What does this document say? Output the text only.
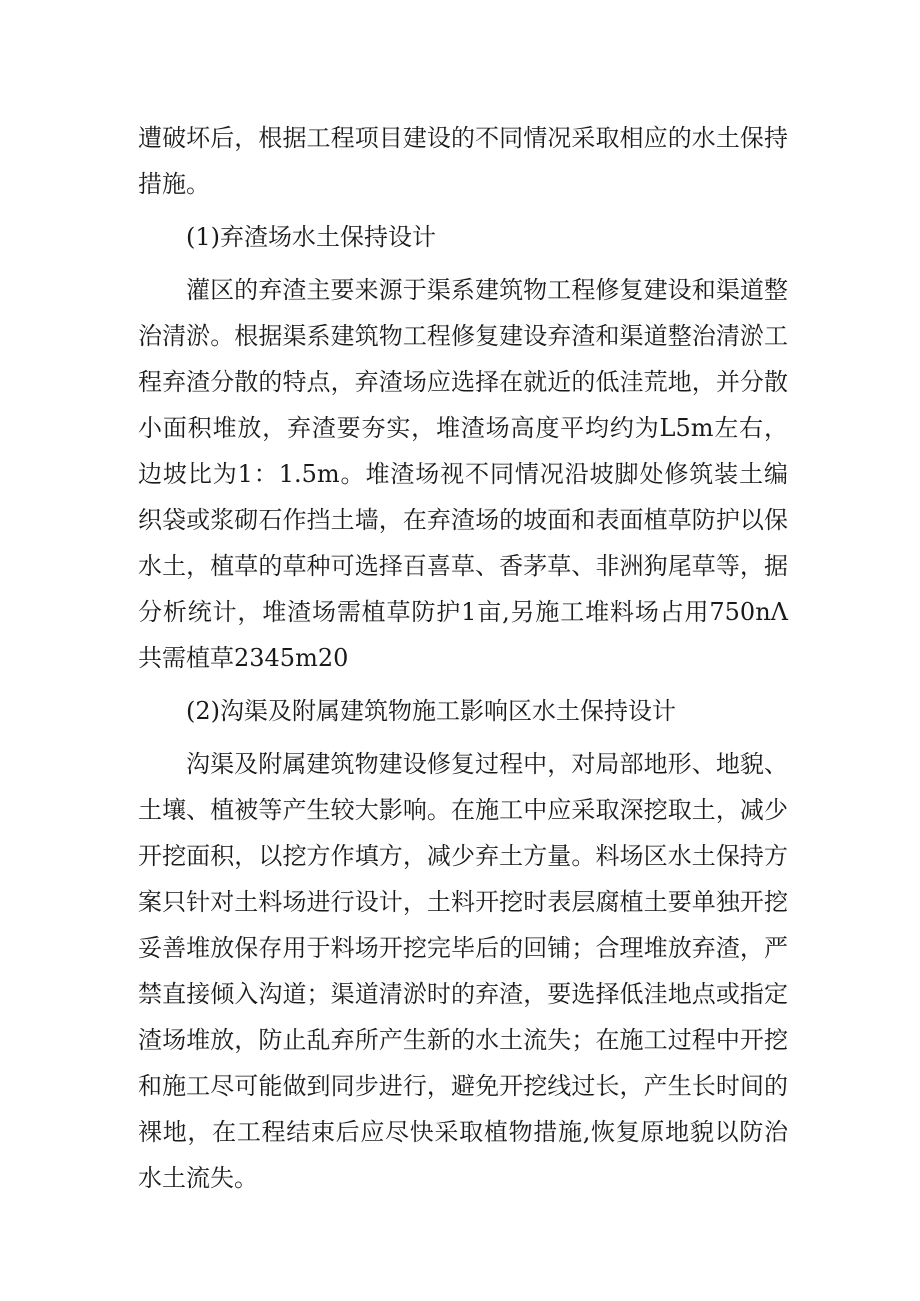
遭破坏后，根据工程项目建设的不同情况采取相应的水土保持措施。

(1)弃渣场水土保持设计

灌区的弃渣主要来源于渠系建筑物工程修复建设和渠道整治清淤。根据渠系建筑物工程修复建设弃渣和渠道整治清淤工程弃渣分散的特点，弃渣场应选择在就近的低洼荒地，并分散小面积堆放，弃渣要夯实，堆渣场高度平均约为L5m左右，边坡比为1：1.5m。堆渣场视不同情况沿坡脚处修筑装土编织袋或浆砌石作挡土墙，在弃渣场的坡面和表面植草防护以保水土，植草的草种可选择百喜草、香茅草、非洲狗尾草等，据分析统计，堆渣场需植草防护1亩,另施工堆料场占用750nΛ共需植草2345m20

(2)沟渠及附属建筑物施工影响区水土保持设计

沟渠及附属建筑物建设修复过程中，对局部地形、地貌、土壤、植被等产生较大影响。在施工中应采取深挖取土，减少开挖面积，以挖方作填方，减少弃土方量。料场区水土保持方案只针对土料场进行设计，土料开挖时表层腐植土要单独开挖妥善堆放保存用于料场开挖完毕后的回铺；合理堆放弃渣，严禁直接倾入沟道；渠道清淤时的弃渣，要选择低洼地点或指定渣场堆放，防止乱弃所产生新的水土流失；在施工过程中开挖和施工尽可能做到同步进行，避免开挖线过长，产生长时间的裸地，在工程结束后应尽快采取植物措施,恢复原地貌以防治水土流失。
